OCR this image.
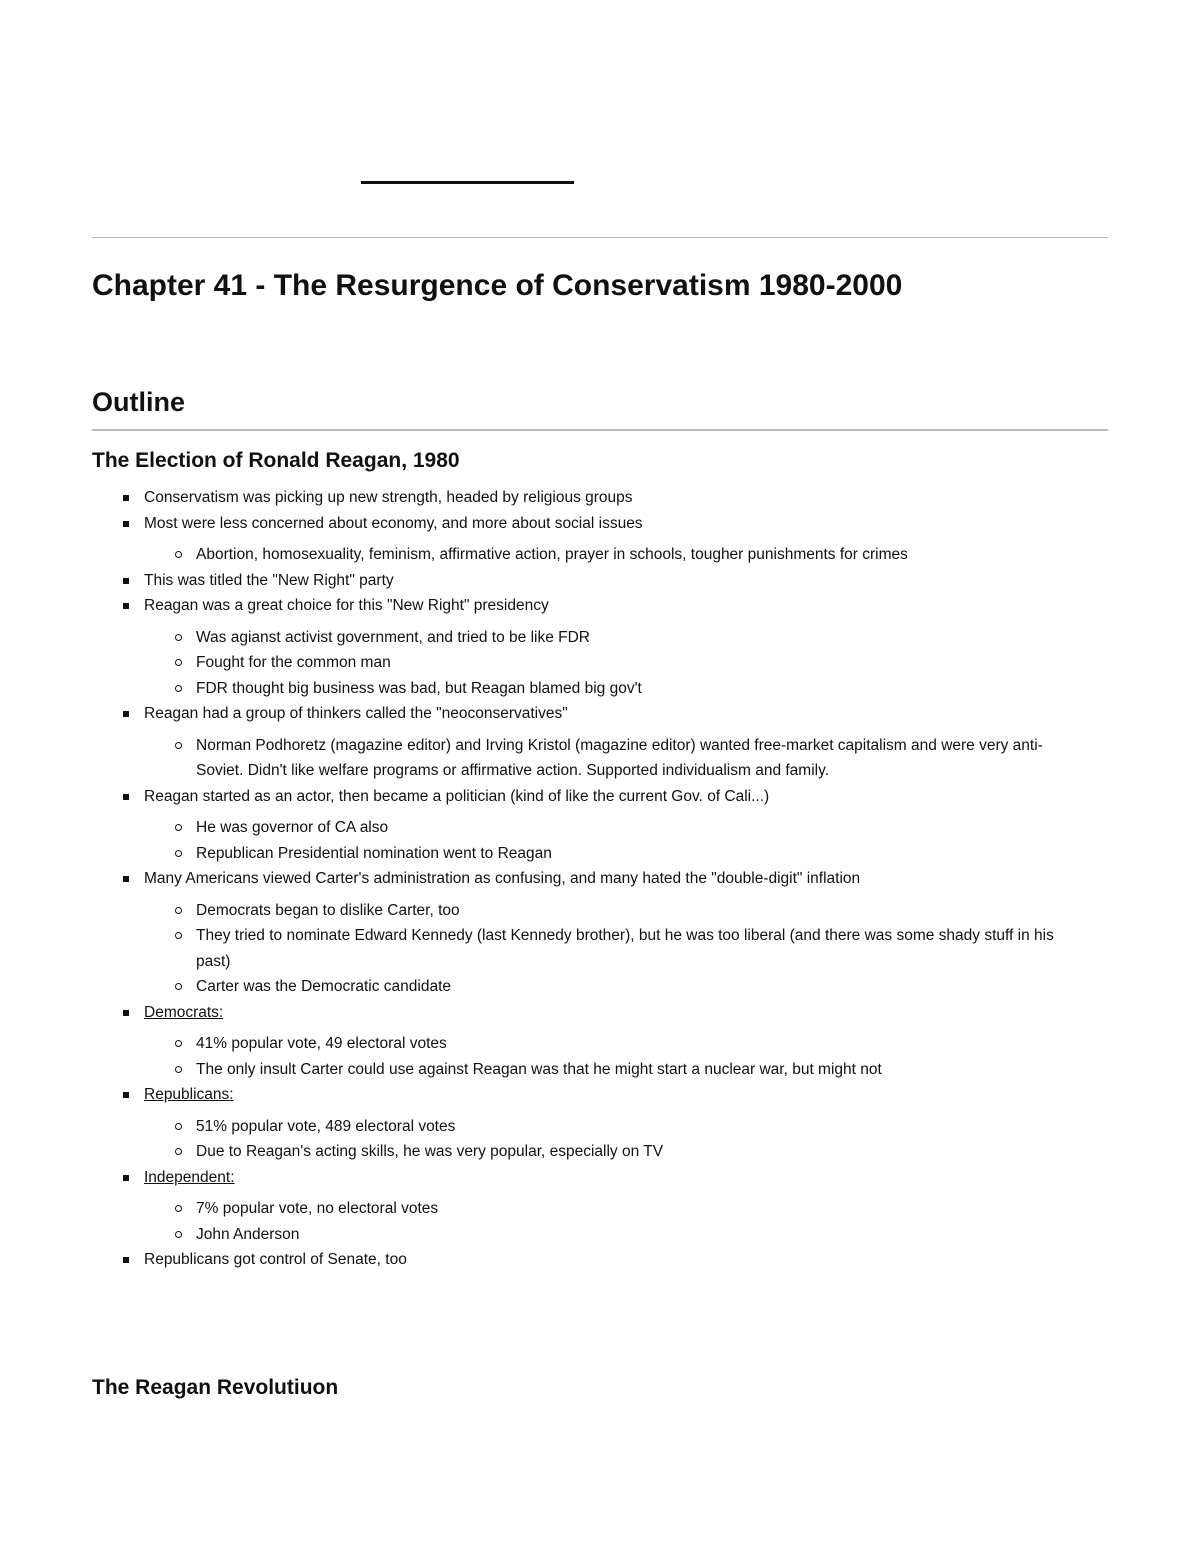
Chapter 41 - The Resurgence of Conservatism 1980-2000
Outline
The Election of Ronald Reagan, 1980
Conservatism was picking up new strength, headed by religious groups
Most were less concerned about economy, and more about social issues
Abortion, homosexuality, feminism, affirmative action, prayer in schools, tougher punishments for crimes
This was titled the "New Right" party
Reagan was a great choice for this "New Right" presidency
Was agianst activist government, and tried to be like FDR
Fought for the common man
FDR thought big business was bad, but Reagan blamed big gov't
Reagan had a group of thinkers called the "neoconservatives"
Norman Podhoretz (magazine editor) and Irving Kristol (magazine editor) wanted free-market capitalism and were very anti-Soviet. Didn't like welfare programs or affirmative action. Supported individualism and family.
Reagan started as an actor, then became a politician (kind of like the current Gov. of Cali...)
He was governor of CA also
Republican Presidential nomination went to Reagan
Many Americans viewed Carter's administration as confusing, and many hated the "double-digit" inflation
Democrats began to dislike Carter, too
They tried to nominate Edward Kennedy (last Kennedy brother), but he was too liberal (and there was some shady stuff in his past)
Carter was the Democratic candidate
Democrats:
41% popular vote, 49 electoral votes
The only insult Carter could use against Reagan was that he might start a nuclear war, but might not
Republicans:
51% popular vote, 489 electoral votes
Due to Reagan's acting skills, he was very popular, especially on TV
Independent:
7% popular vote, no electoral votes
John Anderson
Republicans got control of Senate, too
The Reagan Revolutiuon
